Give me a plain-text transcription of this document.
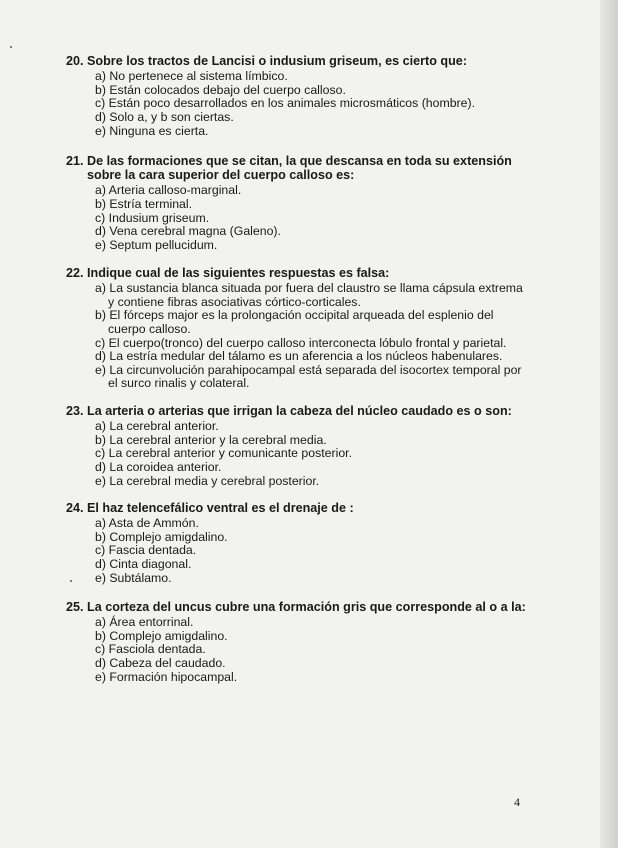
20. Sobre los tractos de Lancisi o indusium griseum, es cierto que:

a) No pertenece al sistema límbico.
b) Están colocados debajo del cuerpo calloso.
c) Están poco desarrollados en los animales microsmáticos (hombre).
d) Solo a, y b son ciertas.
e) Ninguna es cierta.

21. De las formaciones que se citan, la que descansa en toda su extensión
sobre la cara superior del cuerpo calloso es:

a) Arteria calloso-marginal.
b) Estría terminal.
c) Indusium griseum.
d) Vena cerebral magna (Galeno).
e) Septum pellucidum.

22. Indique cual de las siguientes respuestas es falsa:

a) La sustancia blanca situada por fuera del claustro se llama cápsula extrema
y contiene fibras asociativas córtico-corticales.
b) El fórceps major es la prolongación occipital arqueada del esplenio del
cuerpo calloso.
c) El cuerpo(tronco) del cuerpo calloso interconecta lóbulo frontal y parietal.
d) La estría medular del tálamo es un aferencia a los núcleos habenulares.
e) La circunvolución parahipocampal está separada del isocortex temporal por
el surco rinalis y colateral.

23. La arteria o arterias que irrigan la cabeza del núcleo caudado es o son:

a) La cerebral anterior.
b) La cerebral anterior y la cerebral media.
c) La cerebral anterior y comunicante posterior.
d) La coroidea anterior.
e) La cerebral media y cerebral posterior.

24. El haz telencefálico ventral es el drenaje de :

a) Asta de Ammón.
b) Complejo amigdalino.
c) Fascia dentada.
d) Cinta diagonal.
e) Subtálamo.

25. La corteza del uncus cubre una formación gris que corresponde al o a la:

a) Área entorrinal.
b) Complejo amigdalino.
c) Fasciola dentada.
d) Cabeza del caudado.
e) Formación hipocampal.
4
